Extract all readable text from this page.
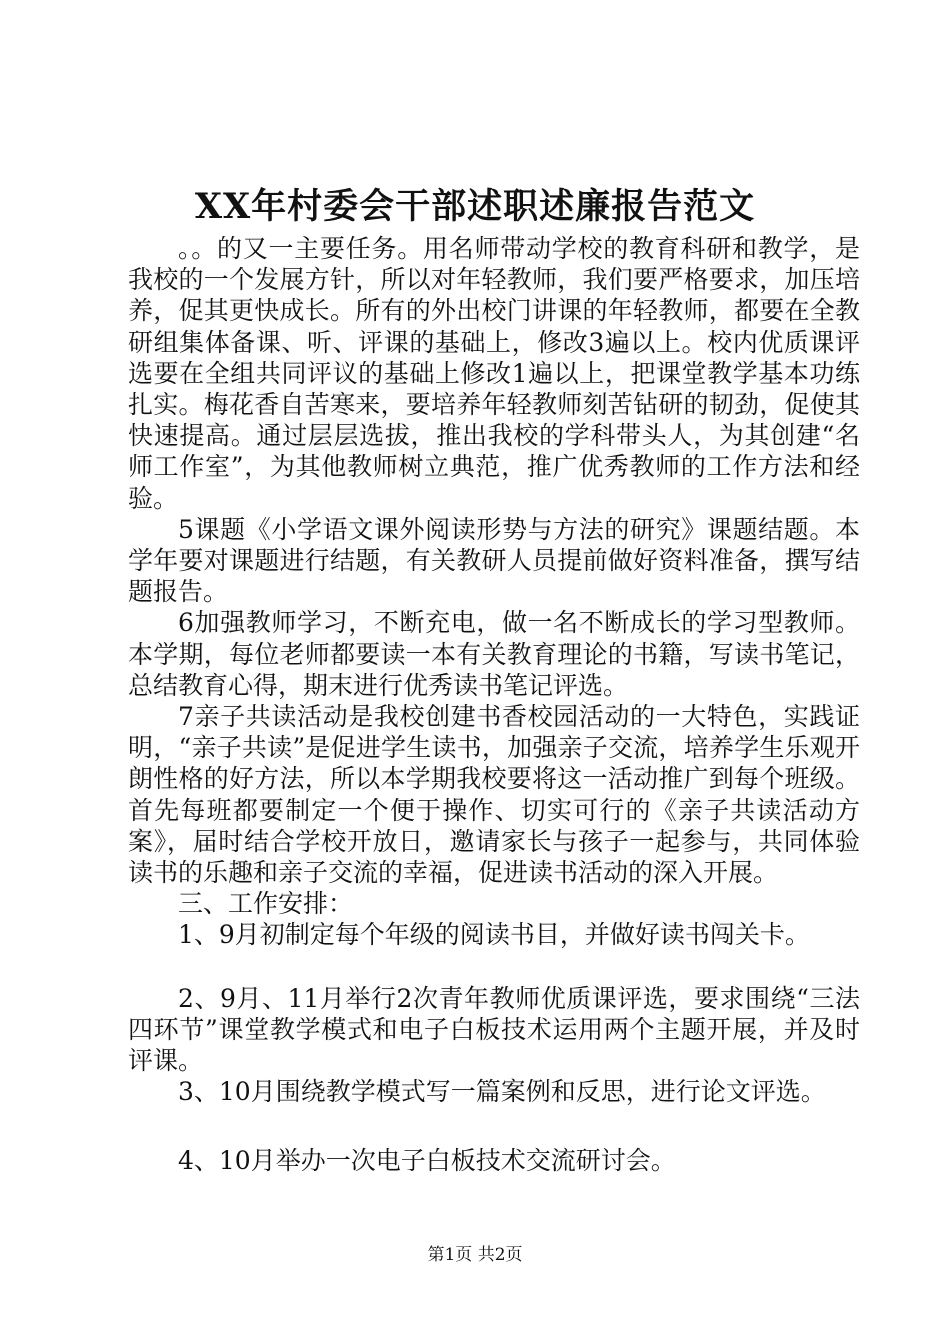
XX年村委会干部述职述廉报告范文

。。的又一主要任务。用名师带动学校的教育科研和教学，是我校的一个发展方针，所以对年轻教师，我们要严格要求，加压培养，促其更快成长。所有的外出校门讲课的年轻教师，都要在全教研组集体备课、听、评课的基础上，修改3遍以上。校内优质课评选要在全组共同评议的基础上修改1遍以上，把课堂教学基本功练扎实。梅花香自苦寒来，要培养年轻教师刻苦钻研的韧劲，促使其快速提高。通过层层选拔，推出我校的学科带头人，为其创建“名师工作室”，为其他教师树立典范，推广优秀教师的工作方法和经验。

5课题《小学语文课外阅读形势与方法的研究》课题结题。本学年要对课题进行结题，有关教研人员提前做好资料准备，撰写结题报告。

6加强教师学习，不断充电，做一名不断成长的学习型教师。本学期，每位老师都要读一本有关教育理论的书籍，写读书笔记，总结教育心得，期末进行优秀读书笔记评选。

7亲子共读活动是我校创建书香校园活动的一大特色，实践证明，“亲子共读”是促进学生读书，加强亲子交流，培养学生乐观开朗性格的好方法，所以本学期我校要将这一活动推广到每个班级。首先每班都要制定一个便于操作、切实可行的《亲子共读活动方案》，届时结合学校开放日，邀请家长与孩子一起参与，共同体验读书的乐趣和亲子交流的幸福，促进读书活动的深入开展。

三、工作安排：

1、9月初制定每个年级的阅读书目，并做好读书闯关卡。

2、9月、11月举行2次青年教师优质课评选，要求围绕“三法四环节”课堂教学模式和电子白板技术运用两个主题开展，并及时评课。

3、10月围绕教学模式写一篇案例和反思，进行论文评选。

4、10月举办一次电子白板技术交流研讨会。

第1页 共2页
